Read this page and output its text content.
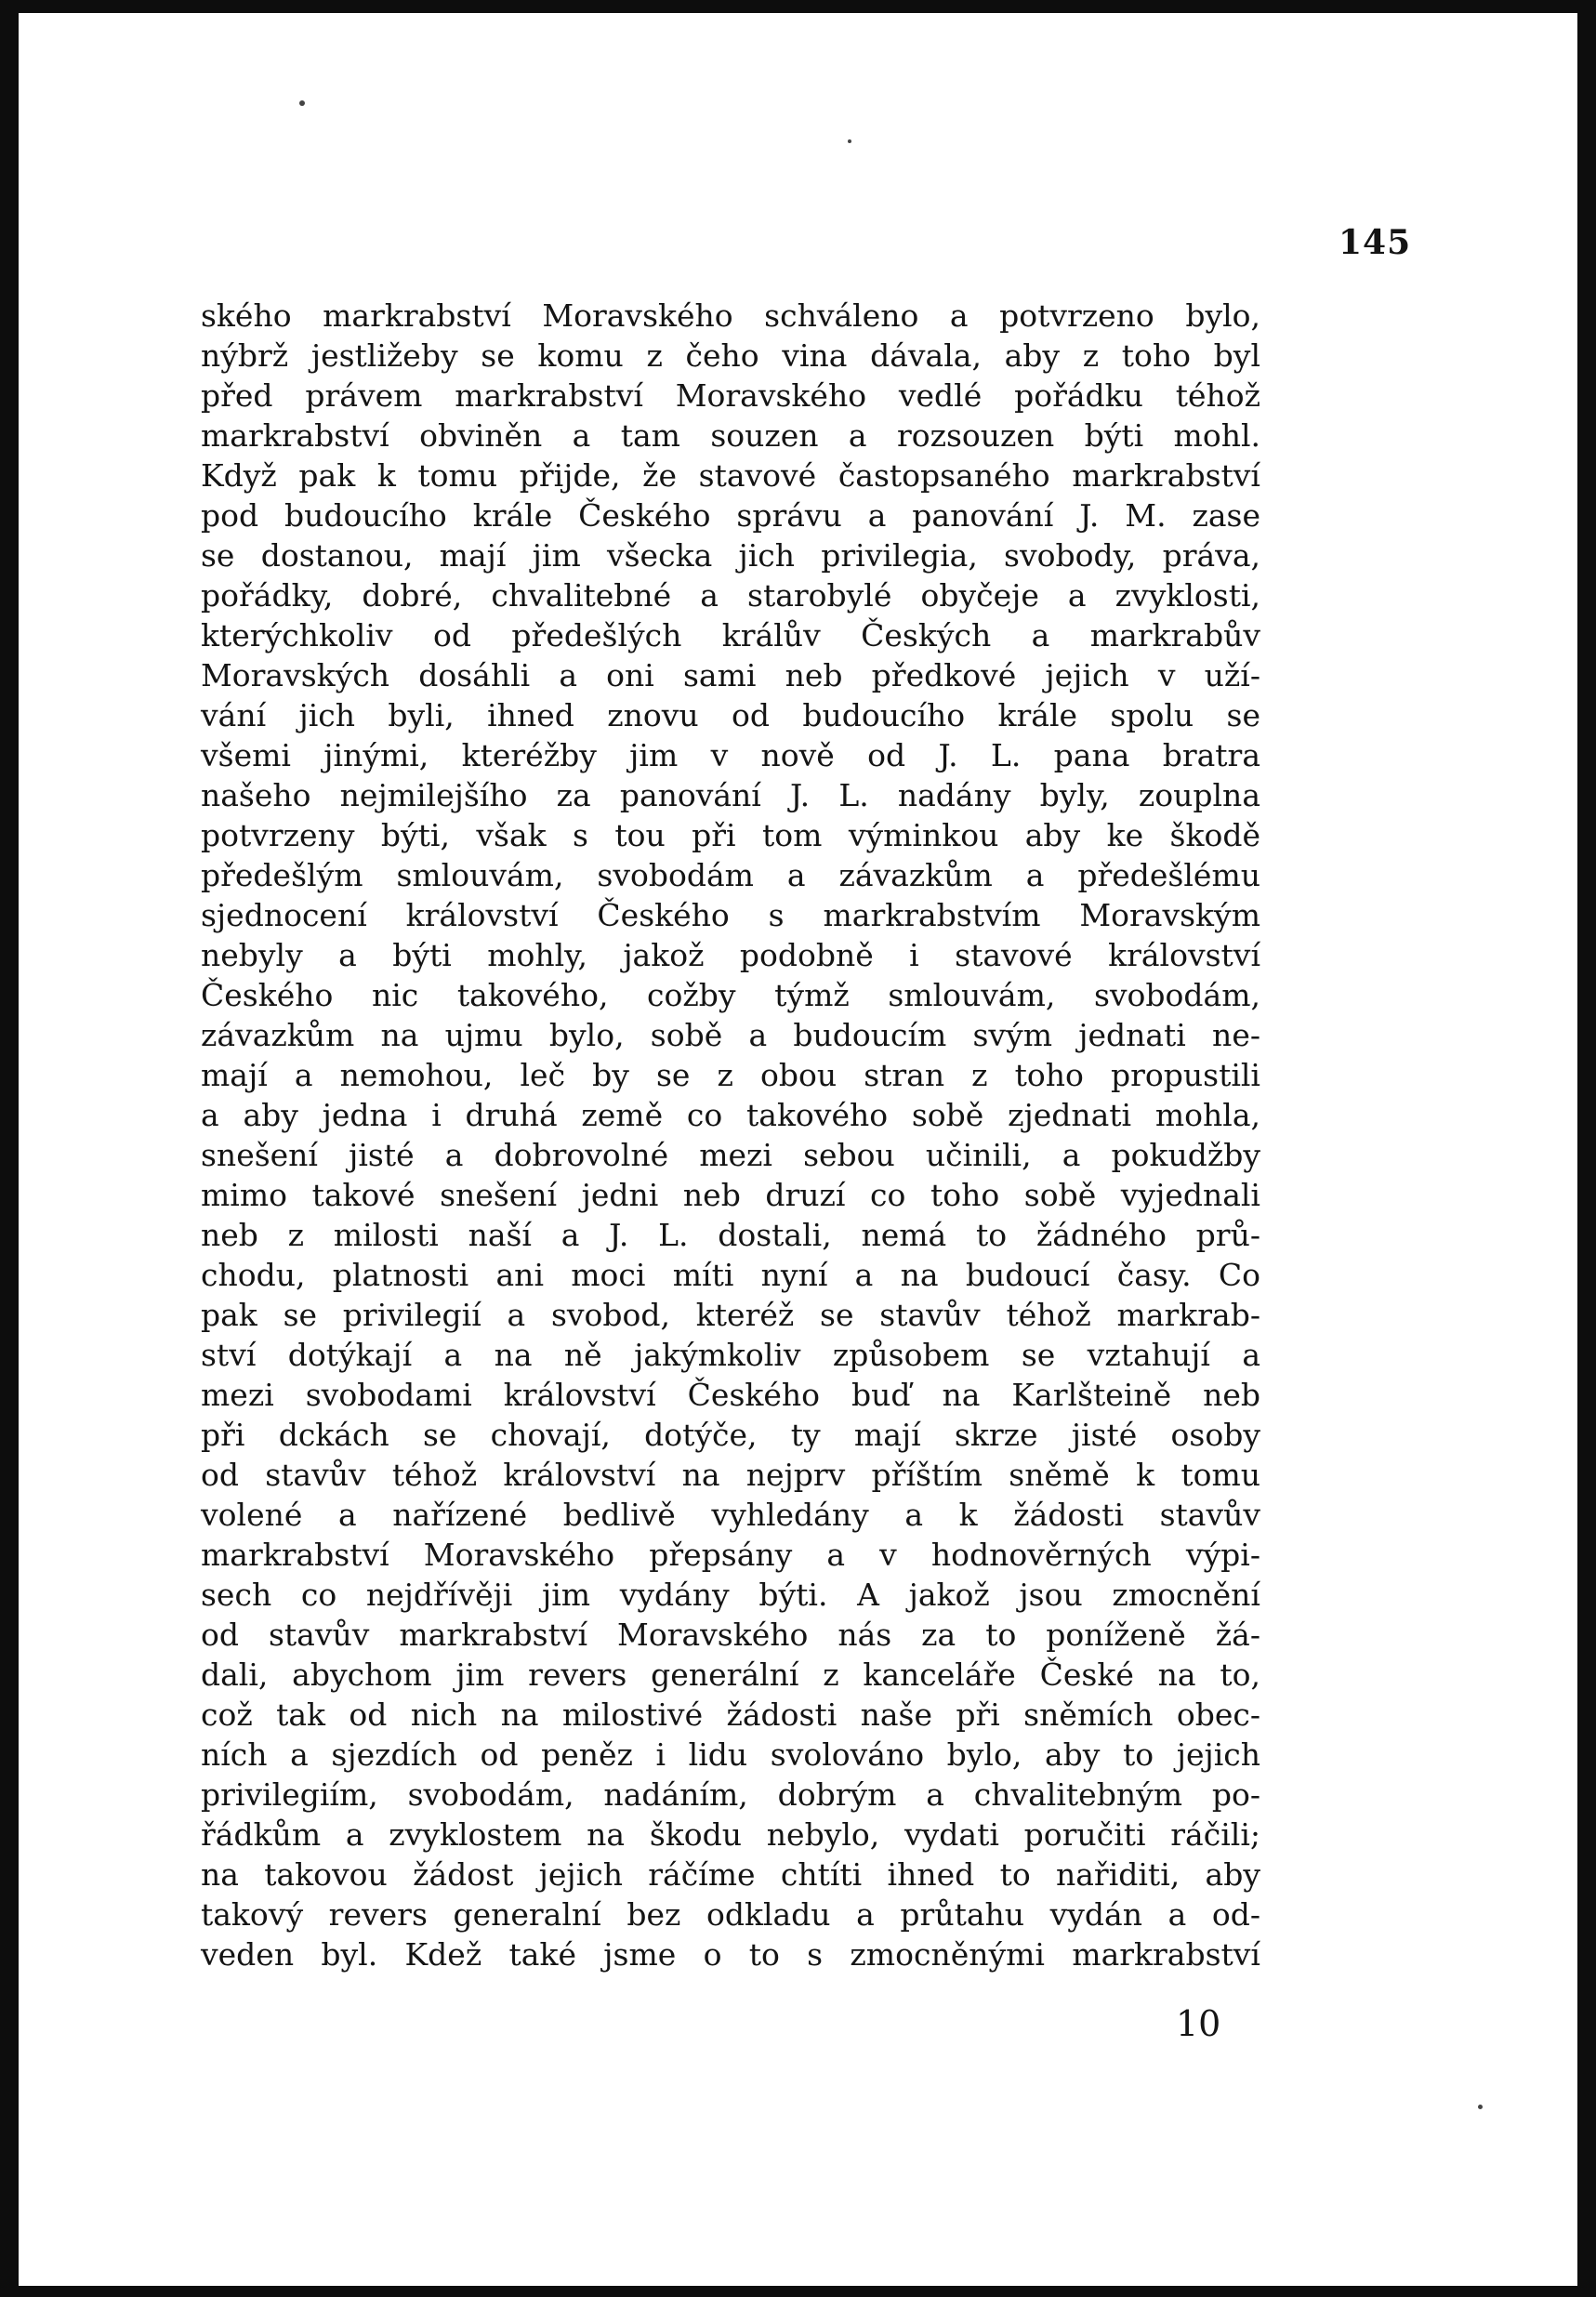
145
ského markrabství Moravského schváleno a potvrzeno bylo,
nýbrž jestližeby se komu z čeho vina dávala, aby z toho byl
před právem markrabství Moravského vedlé pořádku téhož
markrabství obviněn a tam souzen a rozsouzen býti mohl.
Když pak k tomu přijde, že stavové častopsaného markrabství
pod budoucího krále Českého správu a panování J. M. zase
se dostanou, mají jim všecka jich privilegia, svobody, práva,
pořádky, dobré, chvalitebné a starobylé obyčeje a zvyklosti,
kterýchkoliv od předešlých králův Českých a markrabův
Moravských dosáhli a oni sami neb předkové jejich v uží-
vání jich byli, ihned znovu od budoucího krále spolu se
všemi jinými, kteréžby jim v nově od J. L. pana bratra
našeho nejmilejšího za panování J. L. nadány byly, zouplna
potvrzeny býti, však s tou při tom výminkou aby ke škodě
předešlým smlouvám, svobodám a závazkům a předešlému
sjednocení království Českého s markrabstvím Moravským
nebyly a býti mohly, jakož podobně i stavové království
Českého nic takového, cožby týmž smlouvám, svobodám,
závazkům na ujmu bylo, sobě a budoucím svým jednati ne-
mají a nemohou, leč by se z obou stran z toho propustili
a aby jedna i druhá země co takového sobě zjednati mohla,
snešení jisté a dobrovolné mezi sebou učinili, a pokudžby
mimo takové snešení jedni neb druzí co toho sobě vyjednali
neb z milosti naší a J. L. dostali, nemá to žádného prů-
chodu, platnosti ani moci míti nyní a na budoucí časy. Co
pak se privilegií a svobod, kteréž se stavův téhož markrab-
ství dotýkají a na ně jakýmkoliv způsobem se vztahují a
mezi svobodami království Českého buď na Karlšteině neb
při dckách se chovají, dotýče, ty mají skrze jisté osoby
od stavův téhož království na nejprv příštím sněmě k tomu
volené a nařízené bedlivě vyhledány a k žádosti stavův
markrabství Moravského přepsány a v hodnověrných výpi-
sech co nejdřívěji jim vydány býti. A jakož jsou zmocnění
od stavův markrabství Moravského nás za to poníženě žá-
dali, abychom jim revers generální z kanceláře České na to,
což tak od nich na milostivé žádosti naše při sněmích obec-
ních a sjezdích od peněz i lidu svolováno bylo, aby to jejich
privilegiím, svobodám, nadáním, dobrým a chvalitebným po-
řádkům a zvyklostem na škodu nebylo, vydati poručiti ráčili;
na takovou žádost jejich ráčíme chtíti ihned to nařiditi, aby
takový revers generalní bez odkladu a průtahu vydán a od-
veden byl. Kdež také jsme o to s zmocněnými markrabství
10
